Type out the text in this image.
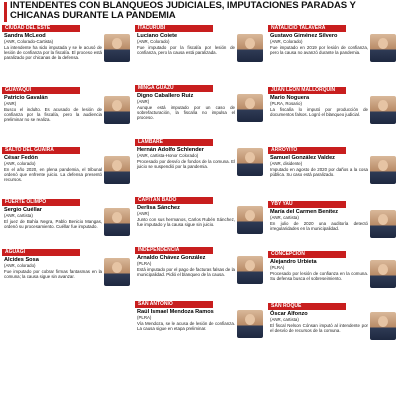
INTENDENTES CON BLANQUEOS JUDICIALES, IMPUTACIONES PARADAS Y CHICANAS DURANTE LA PANDEMIA
CIUDAD DEL ESTE
Sandra McLeod
(ANR, Colorado-Cartista)
La intendente ha sido imputada y se le acusó de lesión de confianza por la fiscalía. El proceso está paralizado por chicanas de la defensa.
GUAYAQUÍ
Patricio Gavalán
(ANR)
Busco el indulto. Es acusado de lesión de confianza por la fiscalía, pero la audiencia preliminar no se realiza.
SALTO DEL GUAIRÁ
César Fedón
(ANR, colorado)
En el año 2020, en plena pandemia, el tribunal ordenó que enfrente juicio. La defensa presentó recursos.
FUERTE OLIMPO
Sergio Cuéllar
(ANR, cartista)
El juez de Bahía Negra, Pablo Benicio Mangas, ordenó su procesamiento. Cuéllar fue imputado.
AGUAGÍ
Alcides Sosa
(ANR, colorado)
Fue imputado por cobrar firmas fantasmas en la comuna; la causa sigue sin avanzar.
ITACURUBÍ
Luciano Coiete
(ANR, Colorado)
Fue imputado por la fiscalía por lesión de confianza, pero la causa está paralizada.
MINGA GUAZÚ
Digno Caballero Ruiz
(ANR)
Aunque está imputado por un caso de sobrefacturación, la fiscalía no impulsa el proceso.
LAMBARÉ
Hernán Adolfo Schlender
(ANR, cartista-Honor Colorado)
Procesado por desvío de fondos de la comuna. El juicio se suspendió por la pandemia.
CAPITÁN BADO
Derlisa Sánchez
(ANR)
Junto con sus hermanos, Carlos Rubén Sánchez, fue imputado y la causa sigue sin juicio.
INDEPENDENCIA
Arnaldo Chávez González
(PLRA)
Está imputado por el pago de facturas falsas de la municipalidad. Pidió el blanqueo de la causa.
SAN ANTONIO
Raúl Ismael Mendoza Ramos
(PLRA)
Vía Mendoza, se le acusa de lesión de confianza. La causa sigue en etapa preliminar.
NATALICIO TALAVERA
Gustavo Giménez Silvero
(ANR, Colorado)
Fue imputado en 2019 por lesión de confianza, pero la causa no avanzó durante la pandemia.
JUAN LEÓN MALLORQUÍN
Mario Noguera
(PLRA, Rosario)
La fiscalía lo imputó por producción de documentos falsos. Logró el blanqueo judicial.
ARROYITO
Samuel González Valdez
(ANR, disidente)
Imputado en agosto de 2020 por daños a la cosa pública. Su caso está paralizado.
YBY YAÚ
María del Carmen Benítez
(ANR, cartista)
En julio de 2020 una auditoría detectó irregularidades en la municipalidad.
CONCEPCIÓN
Alejandro Urbieta
(PLRA)
Procesado por lesión de confianza en la comuna. Su defensa busca el sobreseimiento.
SAN ROQUE
Óscar Alfonzo
(ANR, cartista)
El fiscal Nelson Cónsan imputó al intendente por el desvío de recursos de la comuna.
